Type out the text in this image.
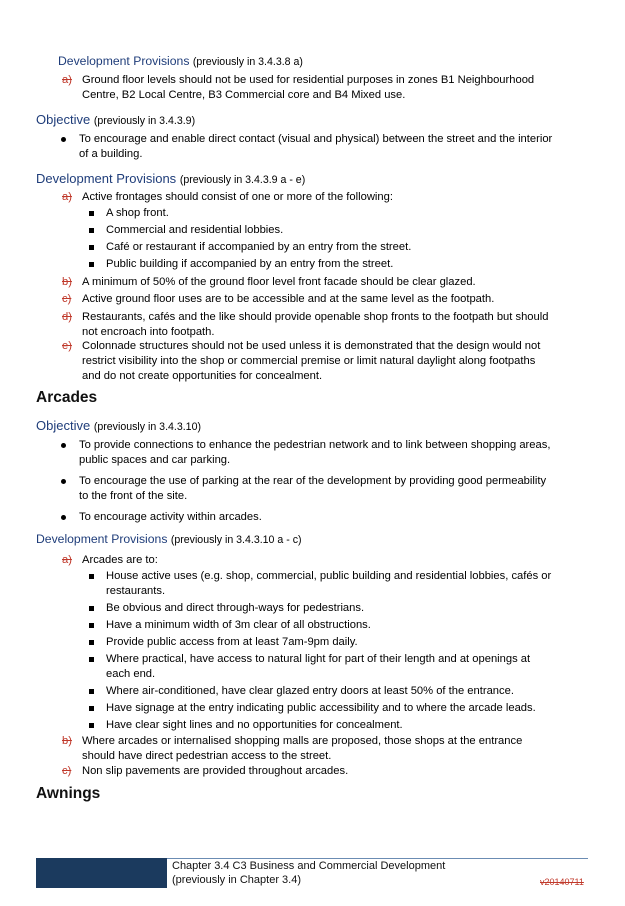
Development Provisions (previously in 3.4.3.8 a)
a) Ground floor levels should not be used for residential purposes in zones B1 Neighbourhood
Centre, B2 Local Centre, B3 Commercial core and B4 Mixed use.
Objective (previously in 3.4.3.9)
To encourage and enable direct contact (visual and physical) between the street and the interior
of a building.
Development Provisions (previously in 3.4.3.9 a - e)
a) Active frontages should consist of one or more of the following:
A shop front.
Commercial and residential lobbies.
Café or restaurant if accompanied by an entry from the street.
Public building if accompanied by an entry from the street.
b) A minimum of 50% of the ground floor level front facade should be clear glazed.
c) Active ground floor uses are to be accessible and at the same level as the footpath.
d) Restaurants, cafés and the like should provide openable shop fronts to the footpath but should
not encroach into footpath.
e) Colonnade structures should not be used unless it is demonstrated that the design would not
restrict visibility into the shop or commercial premise or limit natural daylight along footpaths
and do not create opportunities for concealment.
Arcades
Objective (previously in 3.4.3.10)
To provide connections to enhance the pedestrian network and to link between shopping areas,
public spaces and car parking.
To encourage the use of parking at the rear of the development by providing good permeability
to the front of the site.
To encourage activity within arcades.
Development Provisions (previously in 3.4.3.10 a - c)
a) Arcades are to:
House active uses (e.g. shop, commercial, public building and residential lobbies, cafés or
restaurants.
Be obvious and direct through-ways for pedestrians.
Have a minimum width of 3m clear of all obstructions.
Provide public access from at least 7am-9pm daily.
Where practical, have access to natural light for part of their length and at openings at
each end.
Where air-conditioned, have clear glazed entry doors at least 50% of the entrance.
Have signage at the entry indicating public accessibility and to where the arcade leads.
Have clear sight lines and no opportunities for concealment.
b) Where arcades or internalised shopping malls are proposed, those shops at the entrance
should have direct pedestrian access to the street.
c) Non slip pavements are provided throughout arcades.
Awnings
Chapter 3.4 C3 Business and Commercial Development
(previously in Chapter 3.4)	v20140711
